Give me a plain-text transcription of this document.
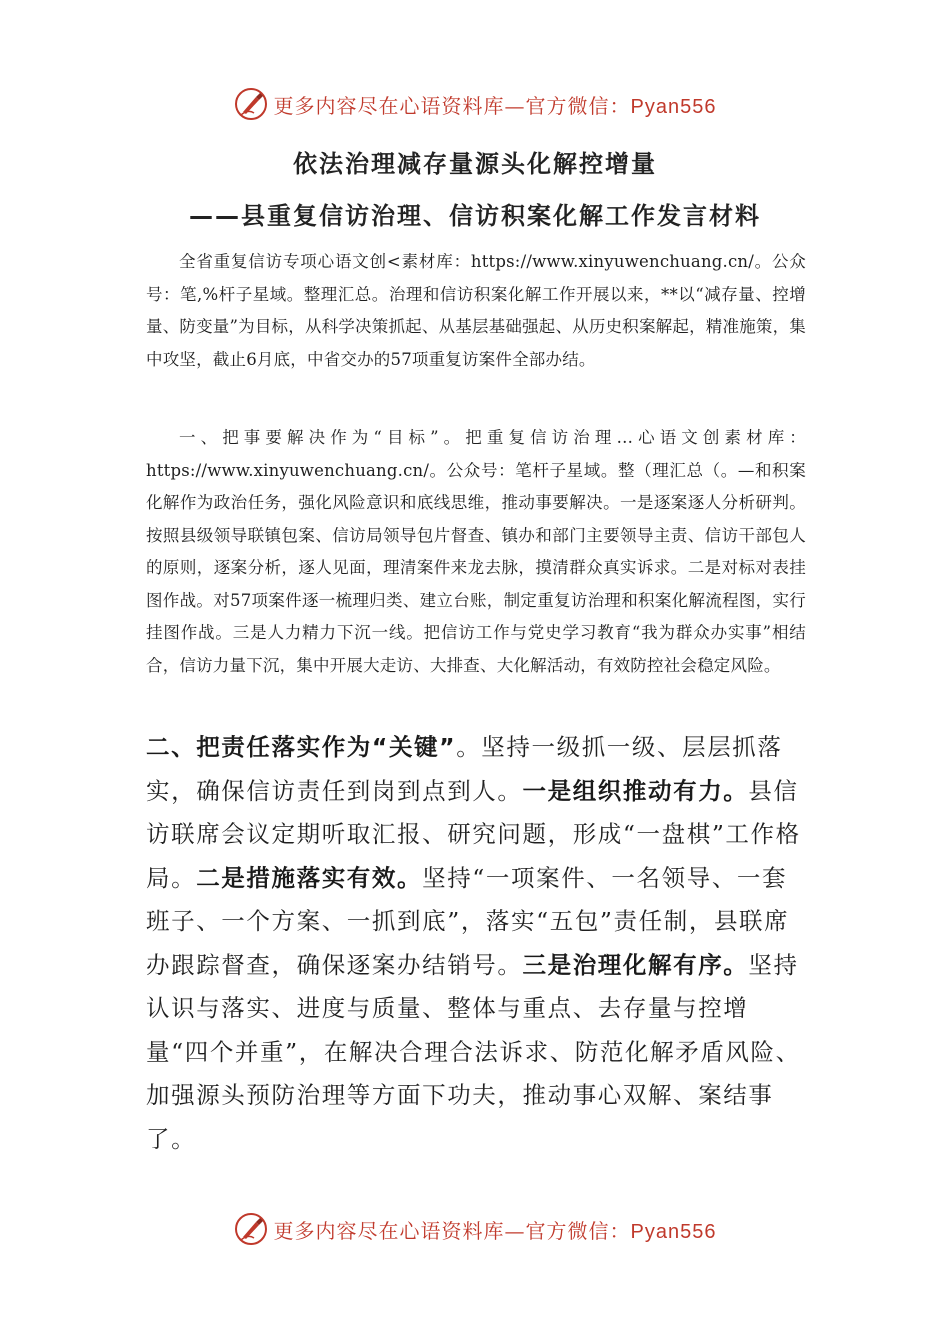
更多内容尽在心语资料库—官方微信：Pyan556
依法治理减存量源头化解控增量
——县重复信访治理、信访积案化解工作发言材料
全省重复信访专项心语文创<素材库：https://www.xinyuwenchuang.cn/。公众号：笔,%杆子星域。整理汇总。治理和信访积案化解工作开展以来，**以“减存量、控增量、防变量”为目标，从科学决策抓起、从基层基础强起、从历史积案解起，精准施策，集中攻坚，截止6月底，中省交办的57项重复访案件全部办结。
一、把事要解决作为“目标”。把重复信访治理…心语文创素材库：https://www.xinyuwenchuang.cn/。公众号：笔杆子星域。整（理汇总（。—和积案化解作为政治任务，强化风险意识和底线思维，推动事要解决。一是逐案逐人分析研判。按照县级领导联镇包案、信访局领导包片督查、镇办和部门主要领导主责、信访干部包人的原则，逐案分析，逐人见面，理清案件来龙去脉，摸清群众真实诉求。二是对标对表挂图作战。对57项案件逐一梳理归类、建立台账，制定重复访治理和积案化解流程图，实行挂图作战。三是人力精力下沉一线。把信访工作与党史学习教育“我为群众办实事”相结合，信访力量下沉，集中开展大走访、大排查、大化解活动，有效防控社会稳定风险。
二、把责任落实作为“关键”。坚持一级抓一级、层层抓落实，确保信访责任到岗到点到人。一是组织推动有力。县信访联席会议定期听取汇报、研究问题，形成“一盘棋”工作格局。二是措施落实有效。坚持“一项案件、一名领导、一套班子、一个方案、一抓到底”，落实“五包”责任制，县联席办跟踪督查，确保逐案办结销号。三是治理化解有序。坚持认识与落实、进度与质量、整体与重点、去存量与控增量“四个并重”，在解决合理合法诉求、防范化解矛盾风险、加强源头预防治理等方面下功夫，推动事心双解、案结事了。
更多内容尽在心语资料库—官方微信：Pyan556
